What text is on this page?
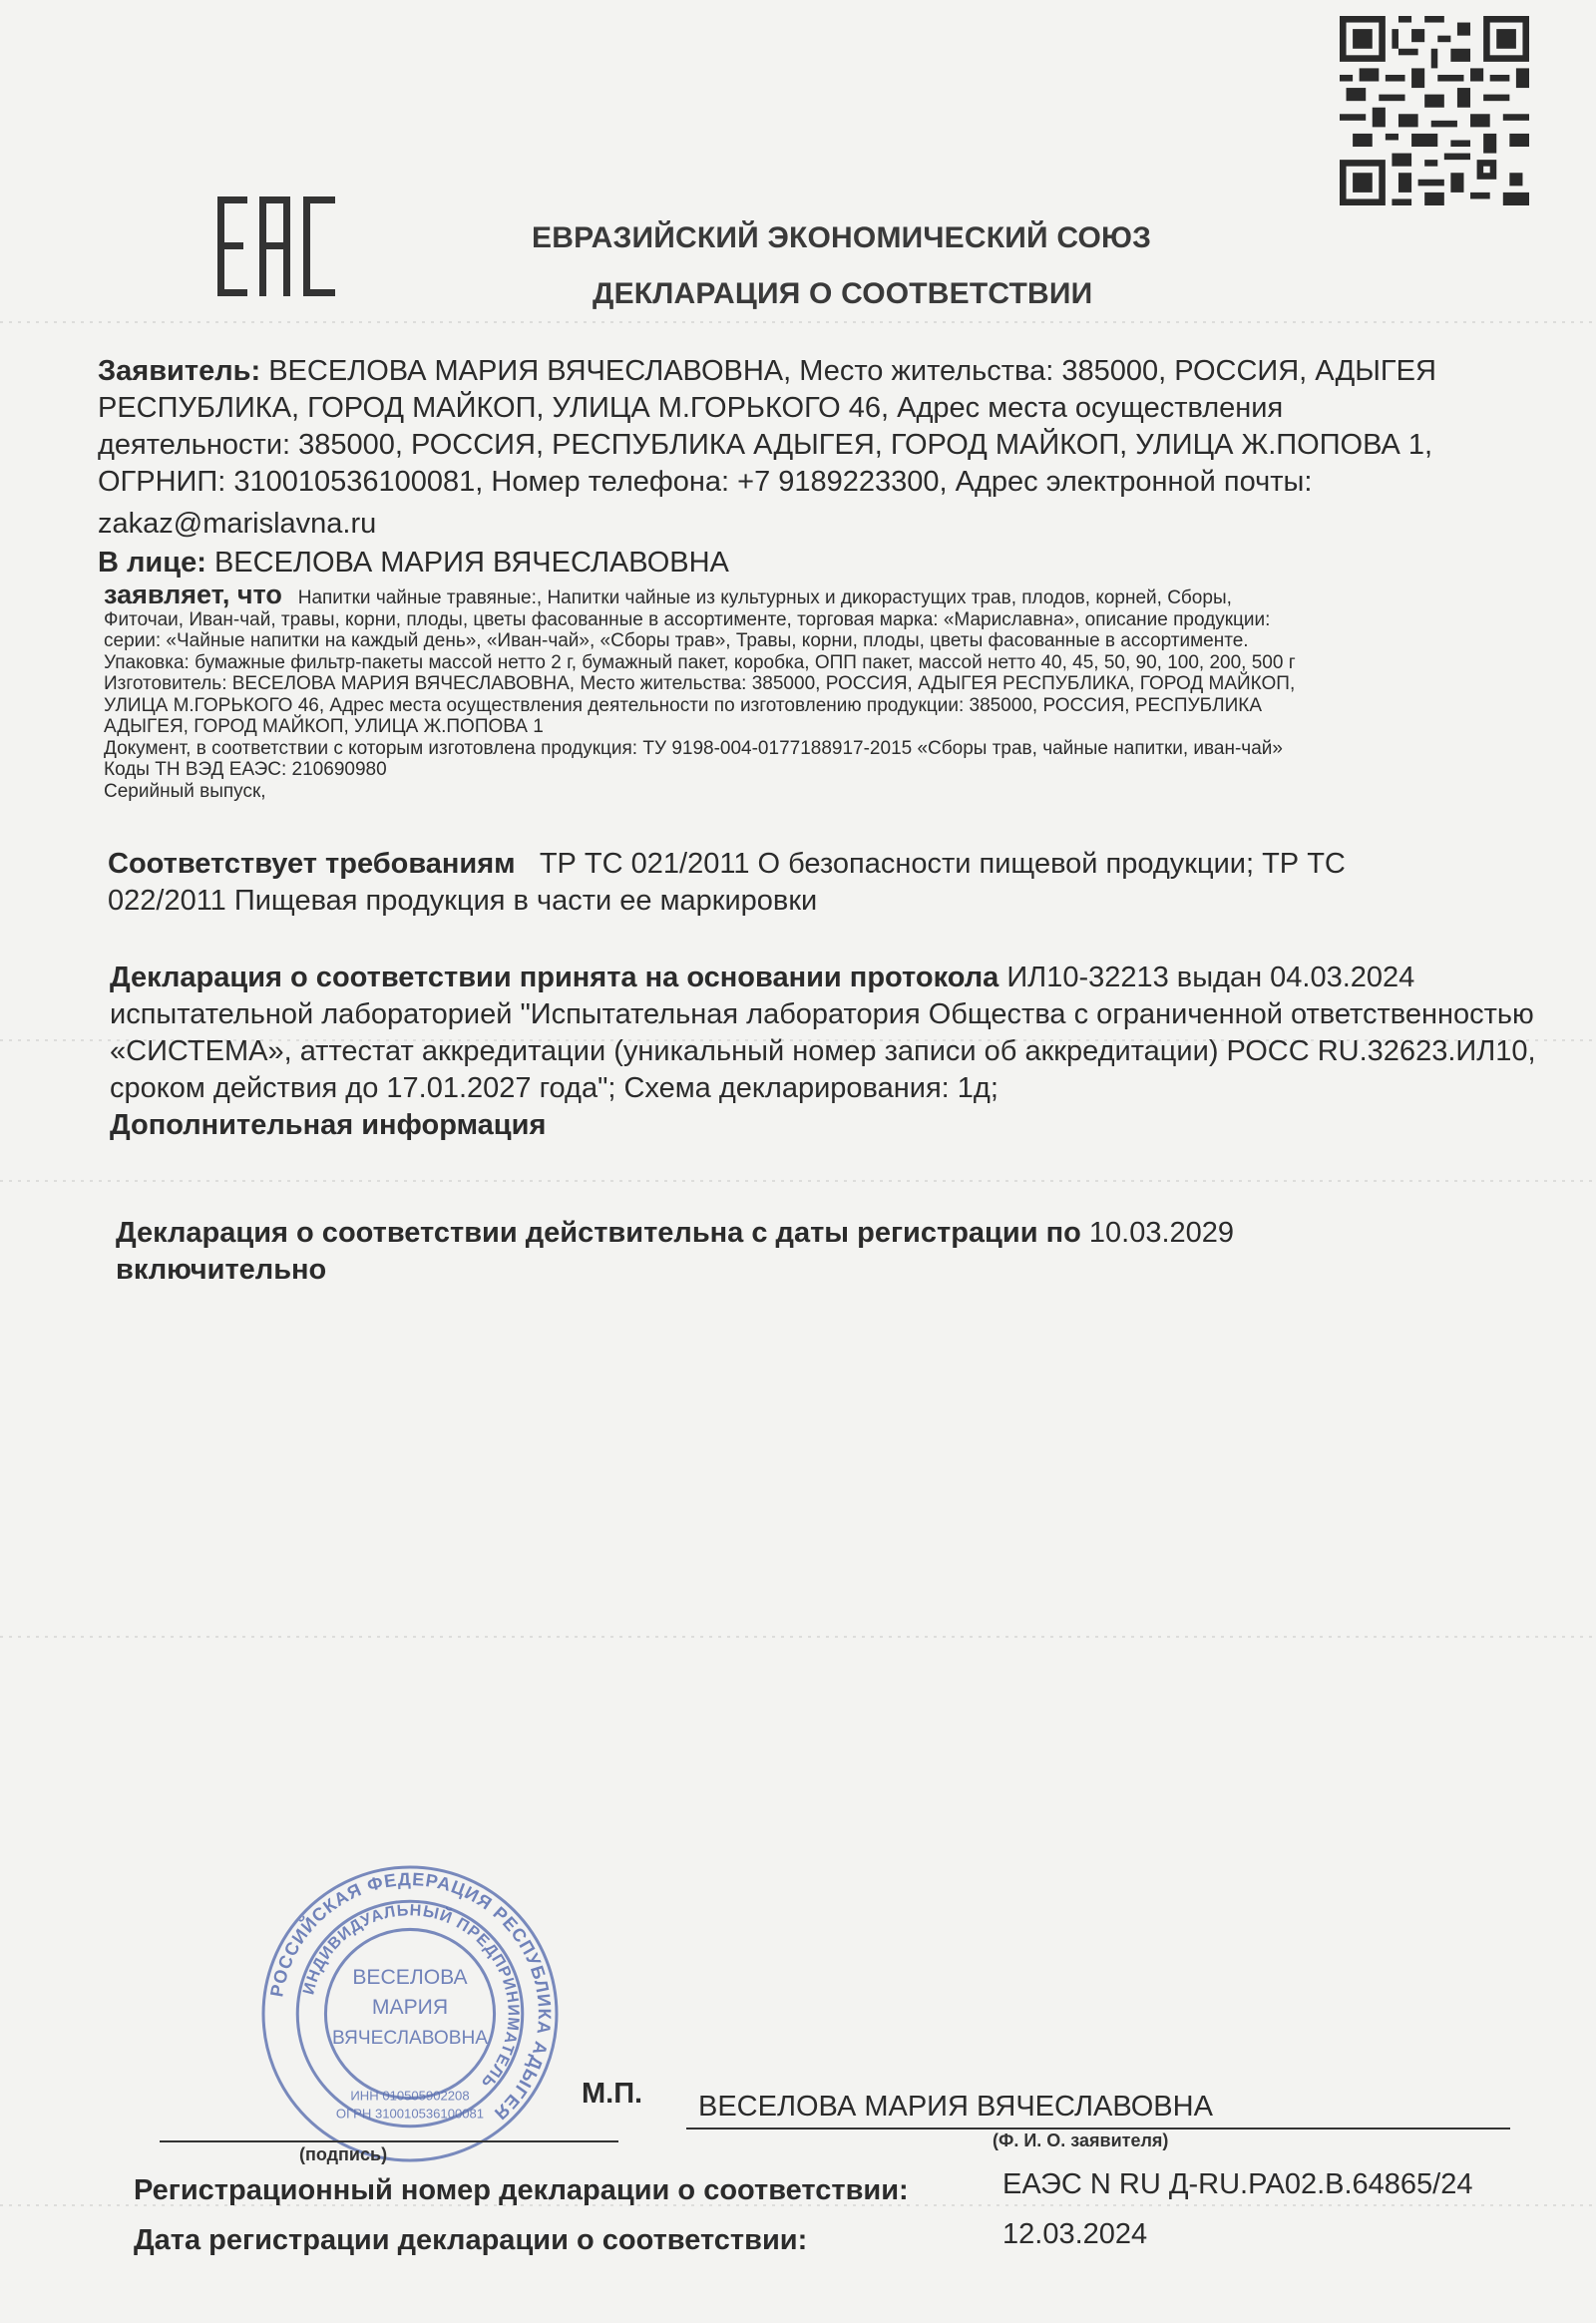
ЕВРАЗИЙСКИЙ ЭКОНОМИЧЕСКИЙ СОЮЗ
ДЕКЛАРАЦИЯ О СООТВЕТСТВИИ
Заявитель: ВЕСЕЛОВА МАРИЯ ВЯЧЕСЛАВОВНА, Место жительства: 385000, РОССИЯ, АДЫГЕЯ
РЕСПУБЛИКА, ГОРОД МАЙКОП, УЛИЦА М.ГОРЬКОГО 46, Адрес места осуществления
деятельности: 385000, РОССИЯ, РЕСПУБЛИКА АДЫГЕЯ, ГОРОД МАЙКОП, УЛИЦА Ж.ПОПОВА 1,
ОГРНИП: 310010536100081, Номер телефона: +7 9189223300, Адрес электронной почты:
zakaz@marislavna.ru
В лице: ВЕСЕЛОВА МАРИЯ ВЯЧЕСЛАВОВНА
заявляет, что Напитки чайные травяные:, Напитки чайные из культурных и дикорастущих трав, плодов, корней, Сборы,
Фиточаи, Иван-чай, травы, корни, плоды, цветы фасованные в ассортименте, торговая марка: «Мариславна», описание продукции:
серии: «Чайные напитки на каждый день», «Иван-чай», «Сборы трав», Травы, корни, плоды, цветы фасованные в ассортименте.
Упаковка: бумажные фильтр-пакеты массой нетто 2 г, бумажный пакет, коробка, ОПП пакет, массой нетто 40, 45, 50, 90, 100, 200, 500 г
Изготовитель: ВЕСЕЛОВА МАРИЯ ВЯЧЕСЛАВОВНА, Место жительства: 385000, РОССИЯ, АДЫГЕЯ РЕСПУБЛИКА, ГОРОД МАЙКОП,
УЛИЦА М.ГОРЬКОГО 46, Адрес места осуществления деятельности по изготовлению продукции: 385000, РОССИЯ, РЕСПУБЛИКА
АДЫГЕЯ, ГОРОД МАЙКОП, УЛИЦА Ж.ПОПОВА 1
Документ, в соответствии с которым изготовлена продукция: ТУ 9198-004-0177188917-2015 «Сборы трав, чайные напитки, иван-чай»
Коды ТН ВЭД ЕАЭС: 210690980
Серийный выпуск,
Соответствует требованиям ТР ТС 021/2011 О безопасности пищевой продукции; ТР ТС
022/2011 Пищевая продукция в части ее маркировки
Декларация о соответствии принята на основании протокола ИЛ10-32213 выдан 04.03.2024
испытательной лабораторией "Испытательная лаборатория Общества с ограниченной ответственностью
«СИСТЕМА», аттестат аккредитации (уникальный номер записи об аккредитации) РОСС RU.32623.ИЛ10,
сроком действия до 17.01.2027 года"; Схема декларирования: 1д;
Дополнительная информация
Декларация о соответствии действительна с даты регистрации по 10.03.2029
включительно
РОССИЙСКАЯ ФЕДЕРАЦИЯ РЕСПУБЛИКА АДЫГЕЯ
ИНДИВИДУАЛЬНЫЙ ПРЕДПРИНИМАТЕЛЬ
ВЕСЕЛОВА
МАРИЯ
ВЯЧЕСЛАВОВНА
ИНН 010505902208
ОГРН 310010536100081
М.П. ВЕСЕЛОВА МАРИЯ ВЯЧЕСЛАВОВНА
(подпись)
(Ф. И. О. заявителя)
Регистрационный номер декларации о соответствии:	ЕАЭС N RU Д-RU.РА02.В.64865/24
Дата регистрации декларации о соответствии:	12.03.2024
